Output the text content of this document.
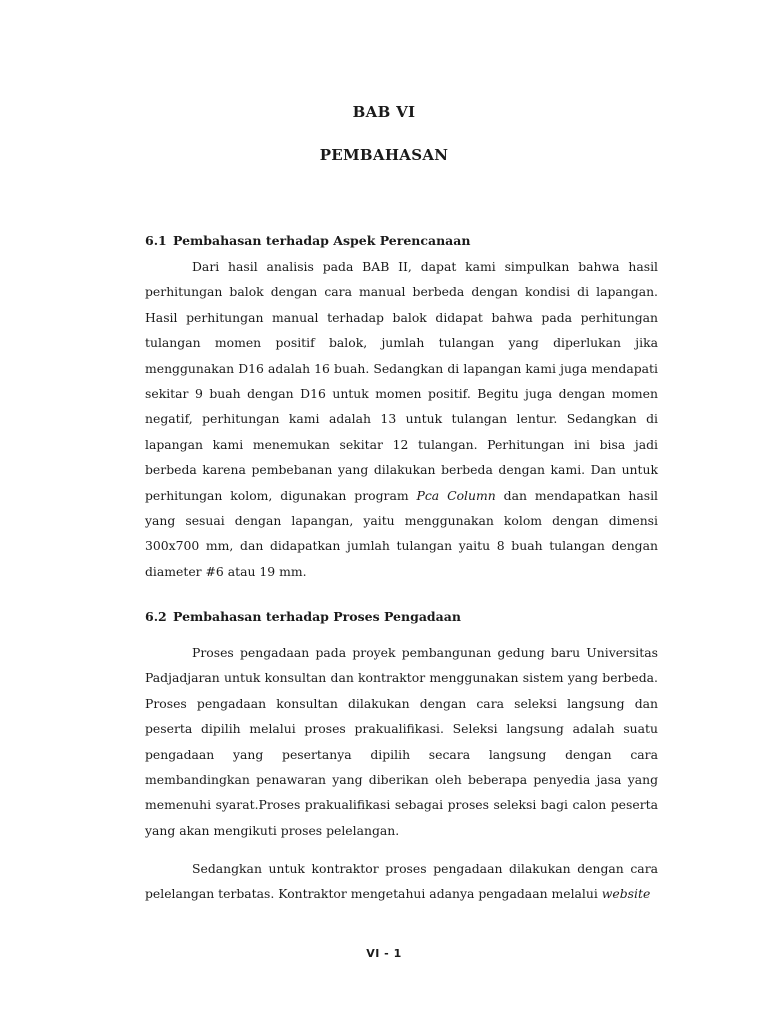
BAB VI
PEMBAHASAN
6.1 Pembahasan terhadap Aspek Perencanaan

Dari hasil analisis pada BAB II, dapat kami simpulkan bahwa hasil perhitungan balok dengan cara manual berbeda dengan kondisi di lapangan. Hasil perhitungan manual terhadap balok didapat bahwa pada perhitungan tulangan momen positif balok, jumlah tulangan yang diperlukan jika menggunakan D16 adalah 16 buah. Sedangkan di lapangan kami juga mendapati sekitar 9 buah dengan D16 untuk momen positif. Begitu juga dengan momen negatif, perhitungan kami adalah 13 untuk tulangan lentur. Sedangkan di lapangan kami menemukan sekitar 12 tulangan. Perhitungan ini bisa jadi berbeda karena pembebanan yang dilakukan berbeda dengan kami. Dan untuk perhitungan kolom, digunakan program Pca Column dan mendapatkan hasil yang sesuai dengan lapangan, yaitu menggunakan kolom dengan dimensi 300x700 mm, dan didapatkan jumlah tulangan yaitu 8 buah tulangan dengan diameter #6 atau 19 mm.

6.2 Pembahasan terhadap Proses Pengadaan

Proses pengadaan pada proyek pembangunan gedung baru Universitas Padjadjaran untuk konsultan dan kontraktor menggunakan sistem yang berbeda. Proses pengadaan konsultan dilakukan dengan cara seleksi langsung dan peserta dipilih melalui proses prakualifikasi. Seleksi langsung adalah suatu pengadaan yang pesertanya dipilih secara langsung dengan cara membandingkan penawaran yang diberikan oleh beberapa penyedia jasa yang memenuhi syarat.Proses prakualifikasi sebagai proses seleksi bagi calon peserta yang akan mengikuti proses pelelangan.

Sedangkan untuk kontraktor proses pengadaan dilakukan dengan cara pelelangan terbatas. Kontraktor mengetahui adanya pengadaan melalui website

VI - 1
